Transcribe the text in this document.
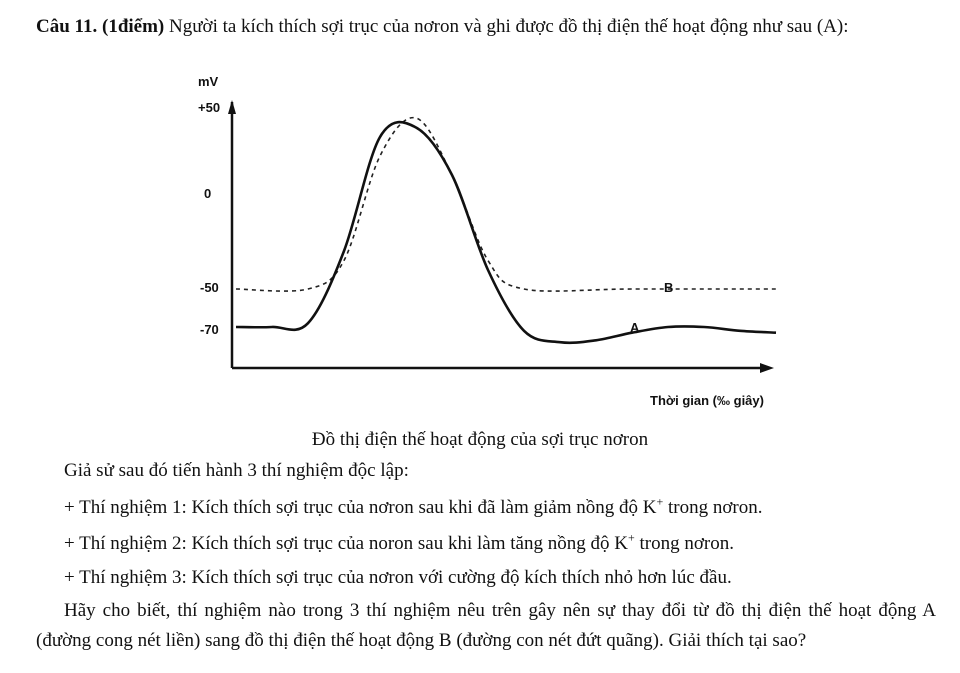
Câu 11. (1điểm) Người ta kích thích sợi trục của nơron và ghi được đồ thị điện thế hoạt động như sau (A):
mV
Thời gian (‰ giây)
+50
0
-50
-70
B
A
Đồ thị điện thế hoạt động của sợi trục nơron
Giả sử sau đó tiến hành 3 thí nghiệm độc lập:
+ Thí nghiệm 1: Kích thích sợi trục của nơron sau khi đã làm giảm nồng độ K+ trong nơron.
+ Thí nghiệm 2: Kích thích sợi trục của noron sau khi làm tăng nồng độ K+ trong nơron.
+ Thí nghiệm 3: Kích thích sợi trục của nơron với cường độ kích thích nhỏ hơn lúc đầu.
Hãy cho biết, thí nghiệm nào trong 3 thí nghiệm nêu trên gây nên sự thay đổi từ đồ thị điện thế hoạt động A (đường cong nét liền) sang đồ thị điện thế hoạt động B (đường con nét đứt quãng). Giải thích tại sao?
